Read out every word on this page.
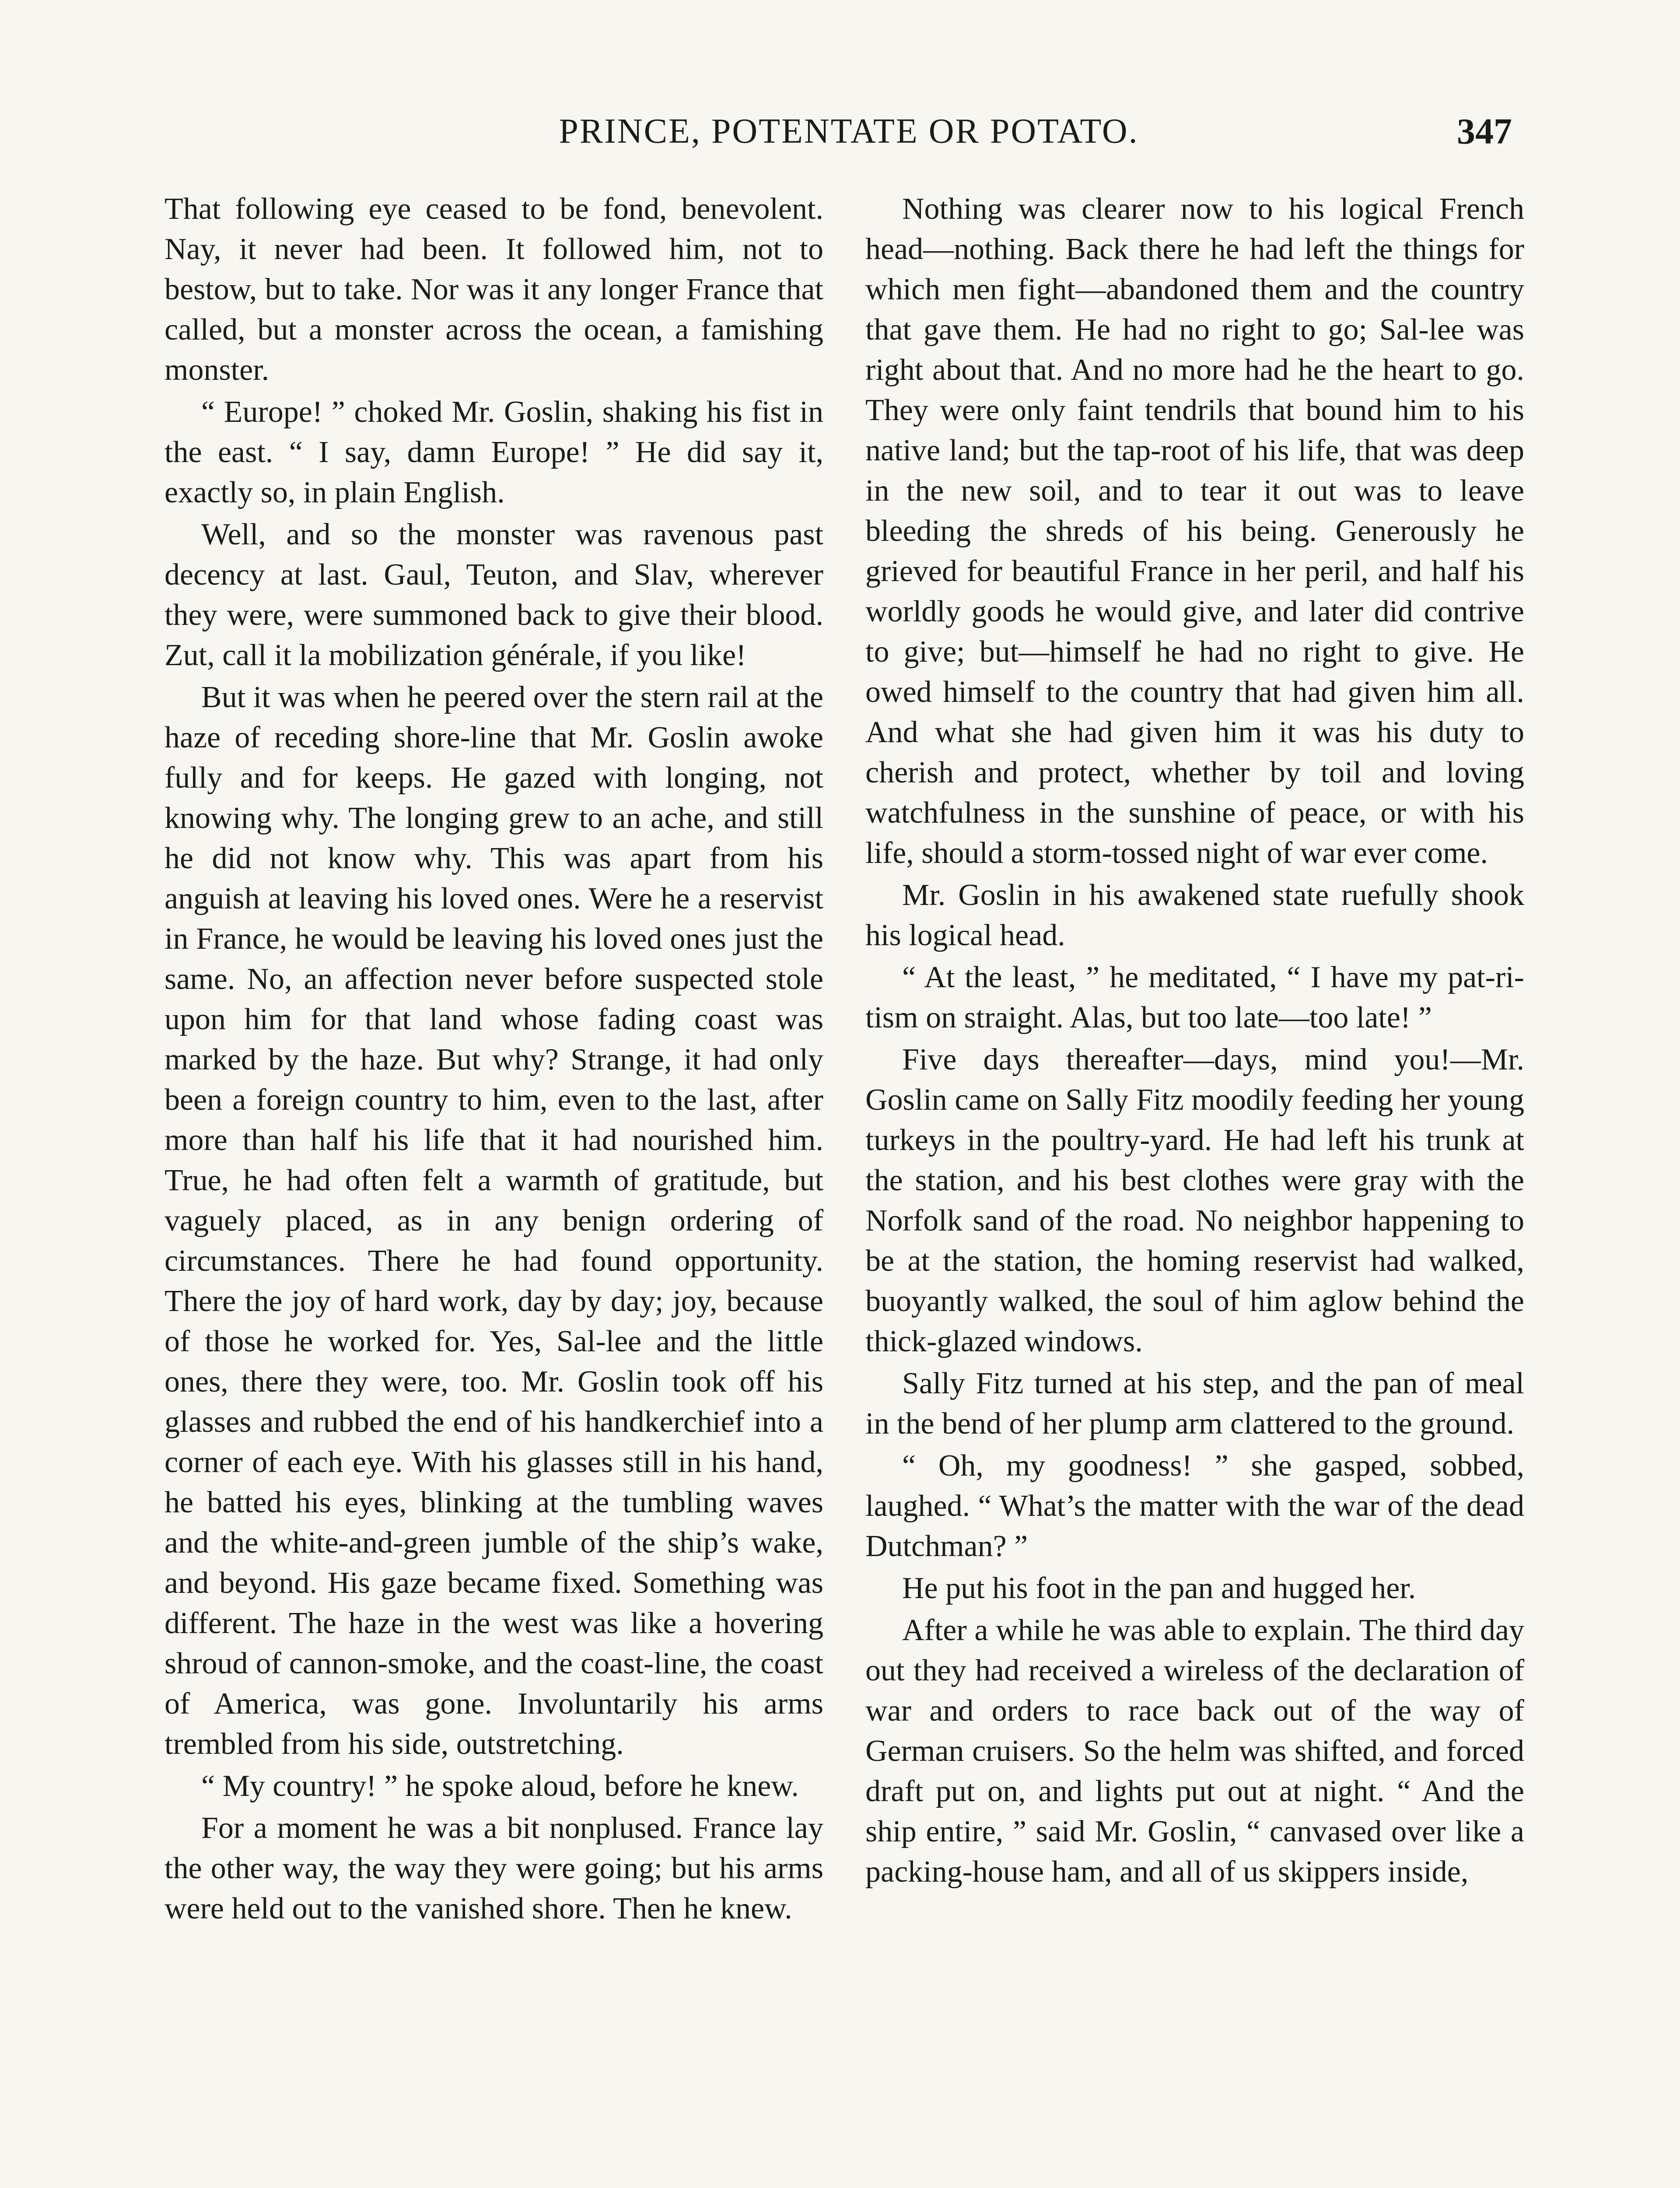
PRINCE, POTENTATE OR POTATO.	347

That following eye ceased to be fond, benevolent. Nay, it never had been. It followed him, not to bestow, but to take. Nor was it any longer France that called, but a monster across the ocean, a famishing monster.

“ Europe! ” choked Mr. Goslin, shaking his fist in the east. “ I say, damn Europe! ” He did say it, exactly so, in plain English.

Well, and so the monster was ravenous past decency at last. Gaul, Teuton, and Slav, wherever they were, were summoned back to give their blood. Zut, call it la mobilization générale, if you like!

But it was when he peered over the stern rail at the haze of receding shore-line that Mr. Goslin awoke fully and for keeps. He gazed with longing, not knowing why. The longing grew to an ache, and still he did not know why. This was apart from his anguish at leaving his loved ones. Were he a reservist in France, he would be leaving his loved ones just the same. No, an affection never before suspected stole upon him for that land whose fading coast was marked by the haze. But why? Strange, it had only been a foreign country to him, even to the last, after more than half his life that it had nourished him. True, he had often felt a warmth of gratitude, but vaguely placed, as in any benign ordering of circumstances. There he had found opportunity. There the joy of hard work, day by day; joy, because of those he worked for. Yes, Sal-lee and the little ones, there they were, too. Mr. Goslin took off his glasses and rubbed the end of his handkerchief into a corner of each eye. With his glasses still in his hand, he batted his eyes, blinking at the tumbling waves and the white-and-green jumble of the ship’s wake, and beyond. His gaze became fixed. Something was different. The haze in the west was like a hovering shroud of cannon-smoke, and the coast-line, the coast of America, was gone. Involuntarily his arms trembled from his side, outstretching.

“ My country! ” he spoke aloud, before he knew.

For a moment he was a bit nonplused. France lay the other way, the way they were going; but his arms were held out to the vanished shore. Then he knew.

Nothing was clearer now to his logical French head—nothing. Back there he had left the things for which men fight—abandoned them and the country that gave them. He had no right to go; Sal-lee was right about that. And no more had he the heart to go. They were only faint tendrils that bound him to his native land; but the tap-root of his life, that was deep in the new soil, and to tear it out was to leave bleeding the shreds of his being. Generously he grieved for beautiful France in her peril, and half his worldly goods he would give, and later did contrive to give; but—himself he had no right to give. He owed himself to the country that had given him all. And what she had given him it was his duty to cherish and protect, whether by toil and loving watchfulness in the sunshine of peace, or with his life, should a storm-tossed night of war ever come.

Mr. Goslin in his awakened state ruefully shook his logical head.

“ At the least, ” he meditated, “ I have my pat-ri-tism on straight. Alas, but too late—too late! ”

Five days thereafter—days, mind you!—Mr. Goslin came on Sally Fitz moodily feeding her young turkeys in the poultry-yard. He had left his trunk at the station, and his best clothes were gray with the Norfolk sand of the road. No neighbor happening to be at the station, the homing reservist had walked, buoyantly walked, the soul of him aglow behind the thick-glazed windows.

Sally Fitz turned at his step, and the pan of meal in the bend of her plump arm clattered to the ground.

“ Oh, my goodness! ” she gasped, sobbed, laughed. “ What’s the matter with the war of the dead Dutchman? ”

He put his foot in the pan and hugged her.

After a while he was able to explain. The third day out they had received a wireless of the declaration of war and orders to race back out of the way of German cruisers. So the helm was shifted, and forced draft put on, and lights put out at night. “ And the ship entire, ” said Mr. Goslin, “ canvased over like a packing-house ham, and all of us skippers inside,
